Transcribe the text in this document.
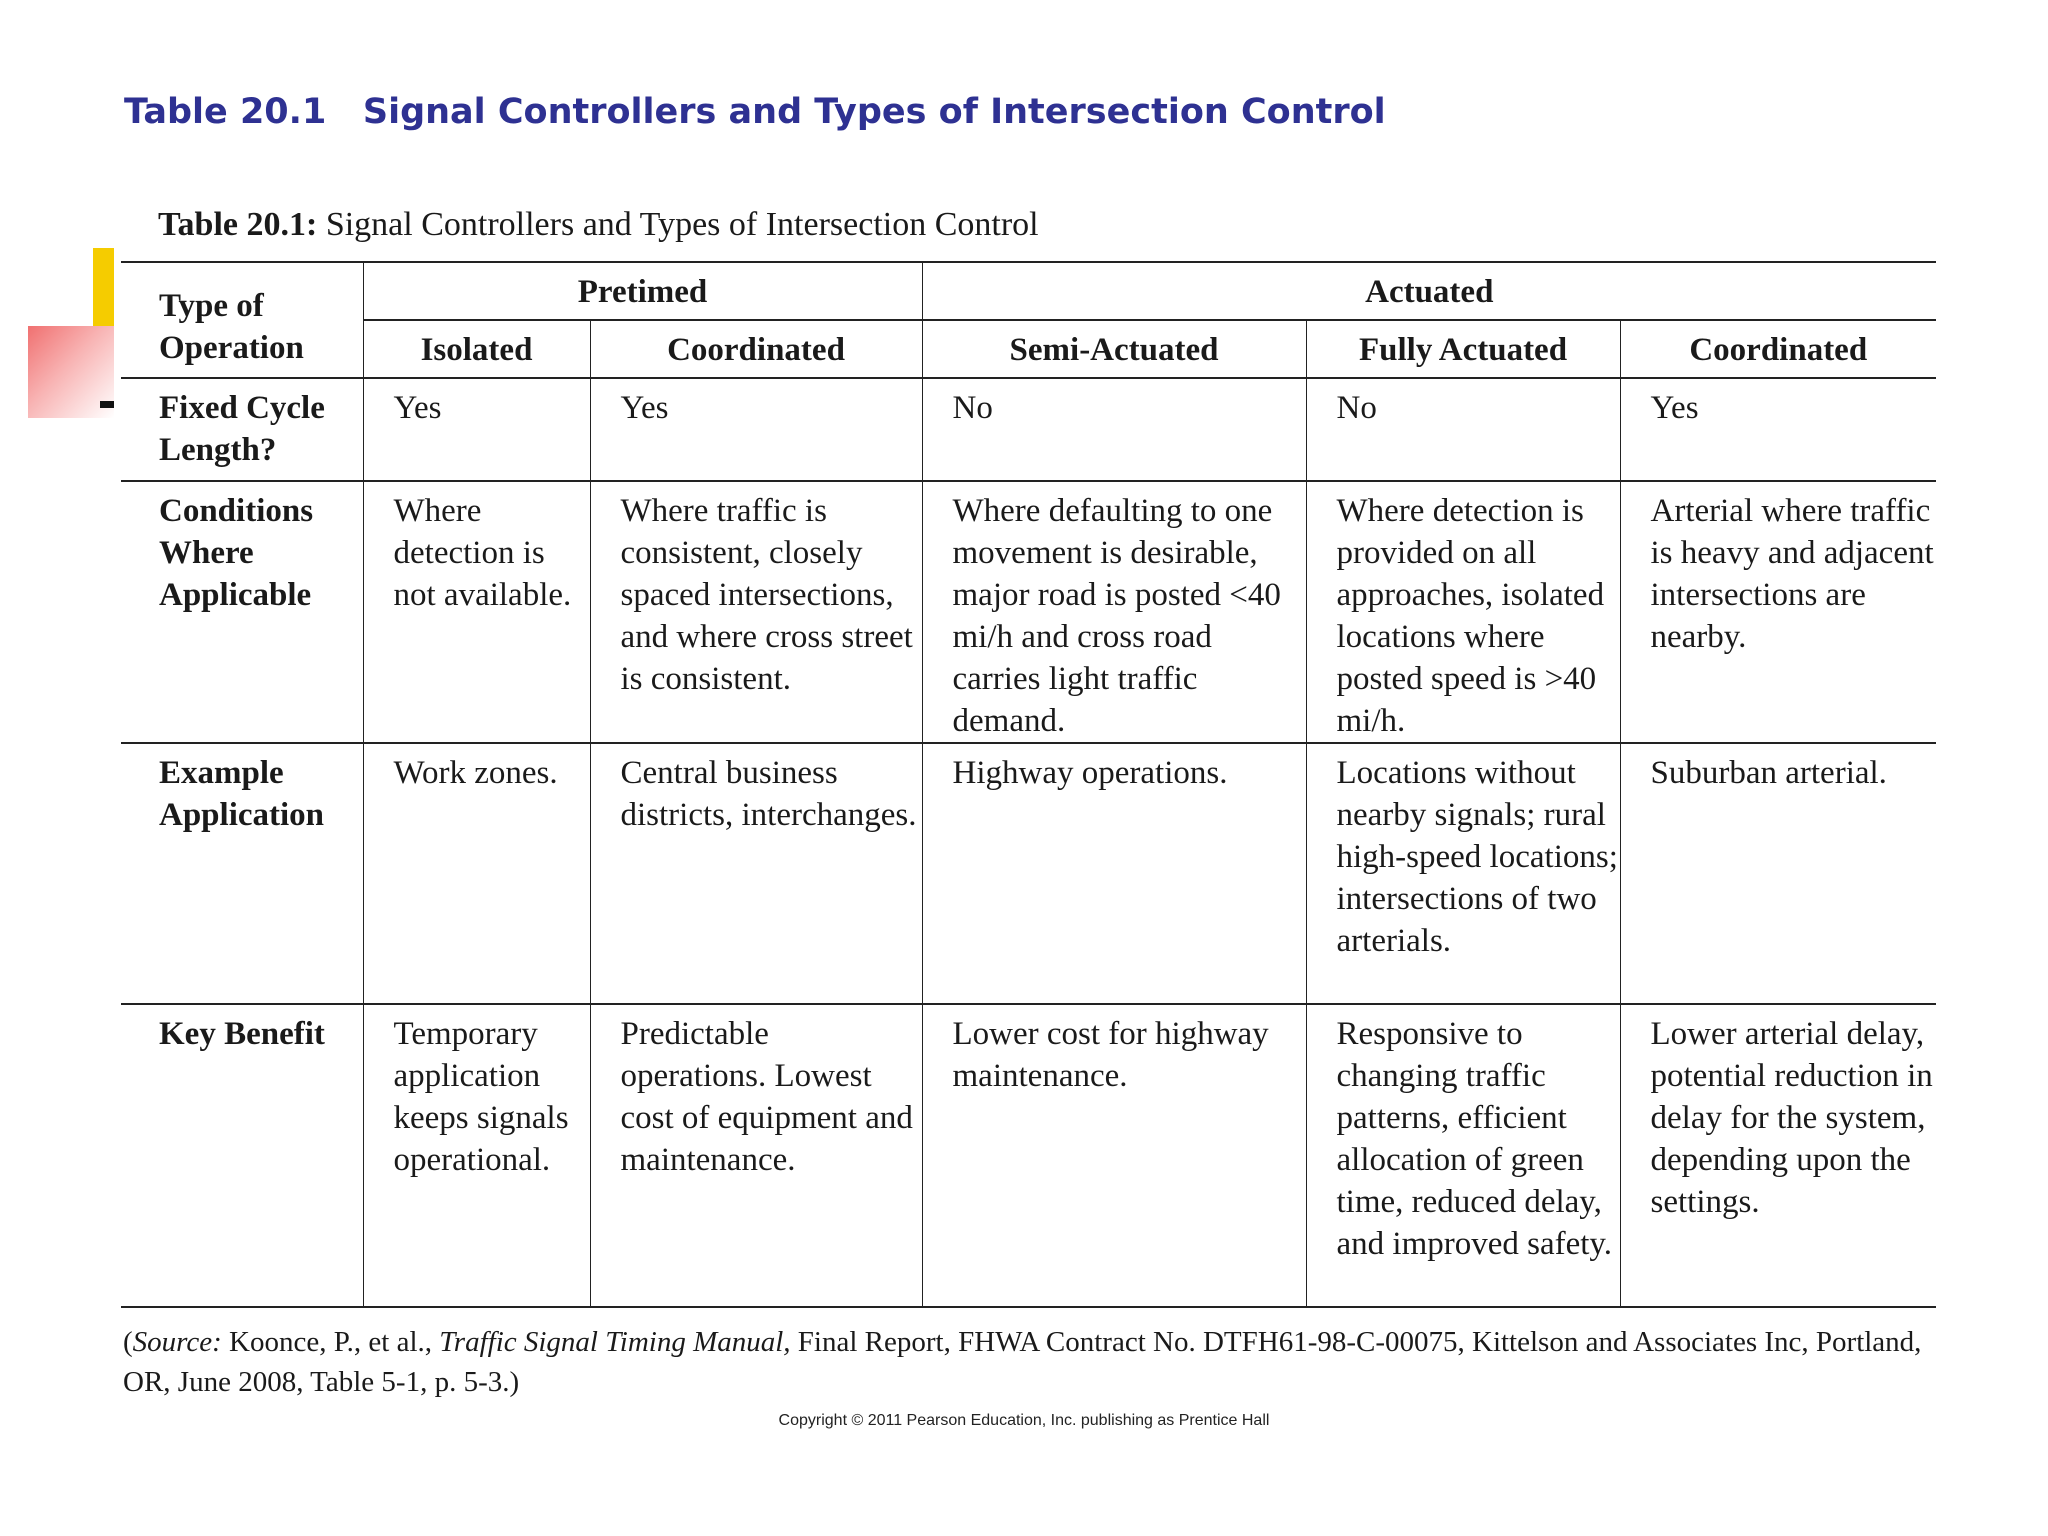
Table 20.1   Signal Controllers and Types of Intersection Control
Table 20.1: Signal Controllers and Types of Intersection Control
Type of Operation	Pretimed		Actuated		
	Isolated	Coordinated	Semi-Actuated	Fully Actuated	Coordinated
Fixed Cycle Length?	Yes	Yes	No	No	Yes
Conditions Where Applicable	Where detection is not available.	Where traffic is consistent, closely spaced intersections, and where cross street is consistent.	Where defaulting to one movement is desirable, major road is posted <40 mi/h and cross road carries light traffic demand.	Where detection is provided on all approaches, isolated locations where posted speed is >40 mi/h.	Arterial where traffic is heavy and adjacent intersections are nearby.
Example Application	Work zones.	Central business districts, interchanges.	Highway operations.	Locations without nearby signals; rural high-speed locations; intersections of two arterials.	Suburban arterial.
Key Benefit	Temporary application keeps signals operational.	Predictable operations. Lowest cost of equipment and maintenance.	Lower cost for highway maintenance.	Responsive to changing traffic patterns, efficient allocation of green time, reduced delay, and improved safety.	Lower arterial delay, potential reduction in delay for the system, depending upon the settings.
(Source: Koonce, P., et al., Traffic Signal Timing Manual, Final Report, FHWA Contract No. DTFH61-98-C-00075, Kittelson and Associates Inc, Portland, OR, June 2008, Table 5-1, p. 5-3.)
Copyright © 2011 Pearson Education, Inc. publishing as Prentice Hall
